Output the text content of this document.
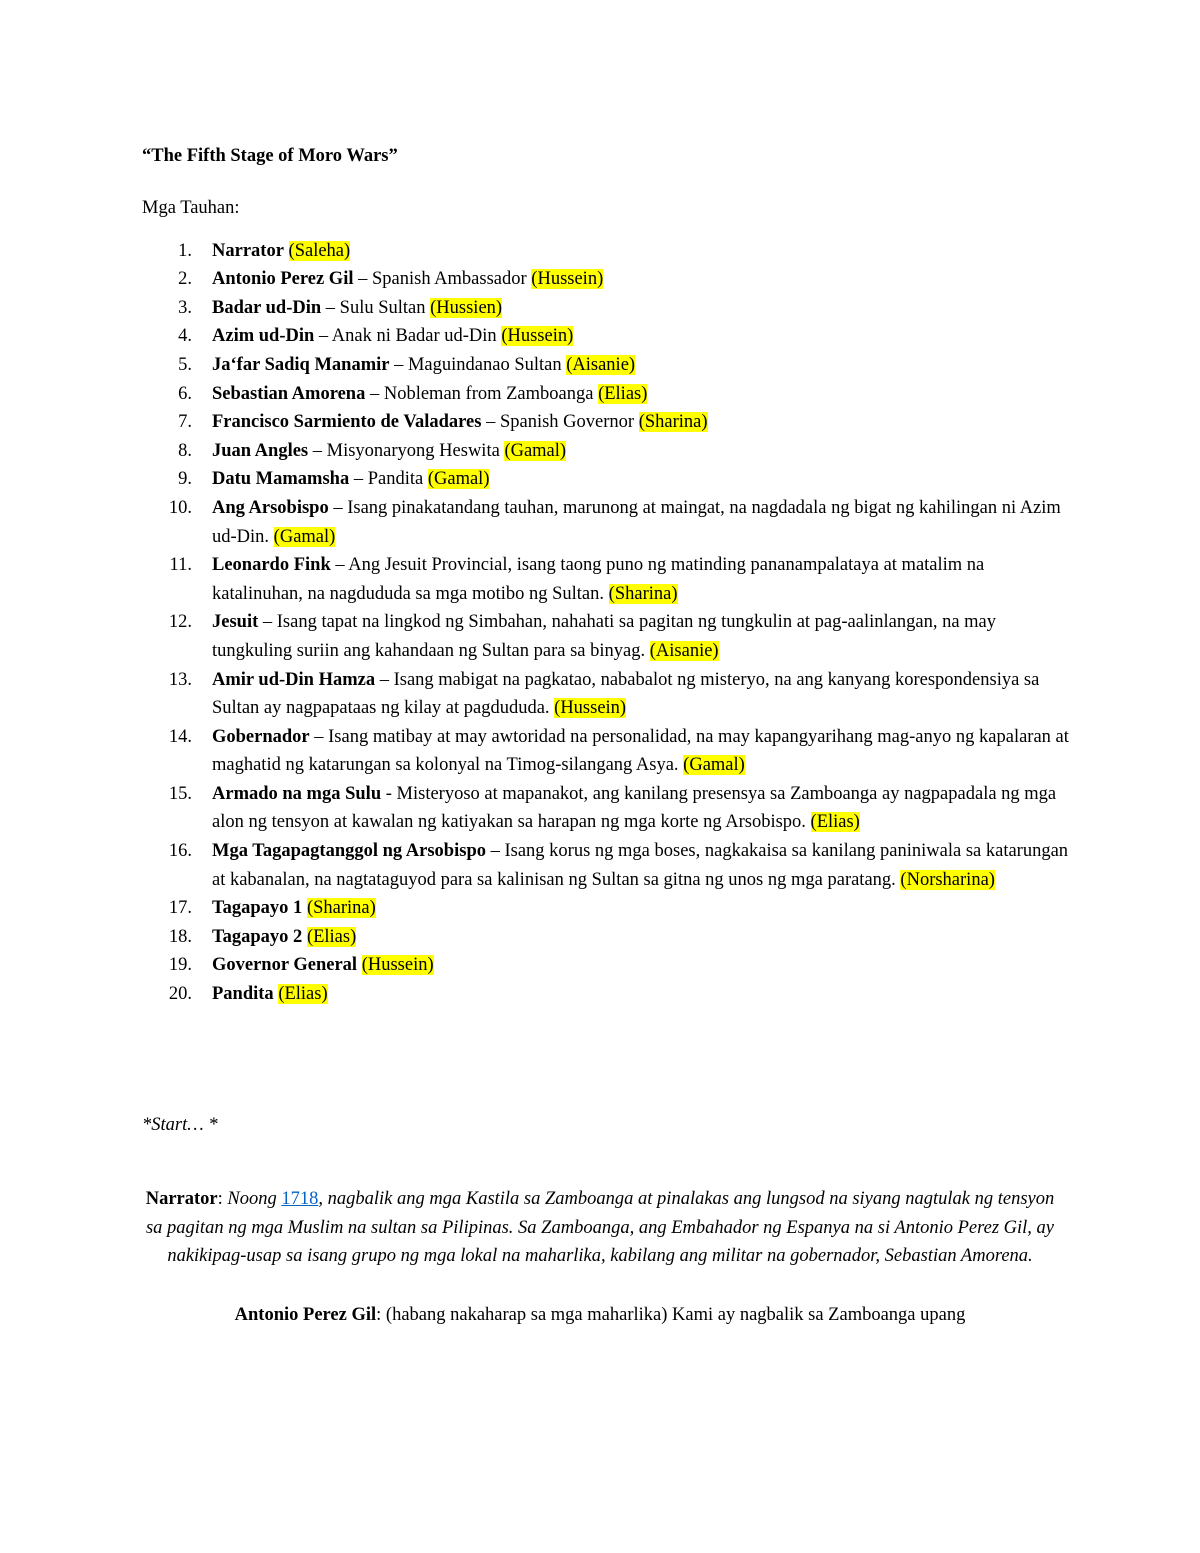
“The Fifth Stage of Moro Wars”

Mga Tauhan:

1. Narrator (Saleha)
2. Antonio Perez Gil – Spanish Ambassador (Hussein)
3. Badar ud-Din – Sulu Sultan (Hussien)
4. Azim ud-Din – Anak ni Badar ud-Din (Hussein)
5. Ja‘far Sadiq Manamir – Maguindanao Sultan (Aisanie)
6. Sebastian Amorena – Nobleman from Zamboanga (Elias)
7. Francisco Sarmiento de Valadares – Spanish Governor (Sharina)
8. Juan Angles – Misyonaryong Heswita (Gamal)
9. Datu Mamamsha – Pandita (Gamal)
10. Ang Arsobispo – Isang pinakatandang tauhan, marunong at maingat, na nagdadala ng bigat ng kahilingan ni Azim ud-Din. (Gamal)
11. Leonardo Fink – Ang Jesuit Provincial, isang taong puno ng matinding pananampalataya at matalim na katalinuhan, na nagdududa sa mga motibo ng Sultan. (Sharina)
12. Jesuit – Isang tapat na lingkod ng Simbahan, nahahati sa pagitan ng tungkulin at pag-aalinlangan, na may tungkuling suriin ang kahandaan ng Sultan para sa binyag. (Aisanie)
13. Amir ud-Din Hamza – Isang mabigat na pagkatao, nababalot ng misteryo, na ang kanyang korespondensiya sa Sultan ay nagpapataas ng kilay at pagdududa. (Hussein)
14. Gobernador – Isang matibay at may awtoridad na personalidad, na may kapangyarihang mag-anyo ng kapalaran at maghatid ng katarungan sa kolonyal na Timog-silangang Asya. (Gamal)
15. Armado na mga Sulu - Misteryoso at mapanakot, ang kanilang presensya sa Zamboanga ay nagpapadala ng mga alon ng tensyon at kawalan ng katiyakan sa harapan ng mga korte ng Arsobispo. (Elias)
16. Mga Tagapagtanggol ng Arsobispo – Isang korus ng mga boses, nagkakaisa sa kanilang paniniwala sa katarungan at kabanalan, na nagtataguyod para sa kalinisan ng Sultan sa gitna ng unos ng mga paratang. (Norsharina)
17. Tagapayo 1 (Sharina)
18. Tagapayo 2 (Elias)
19. Governor General (Hussein)
20. Pandita (Elias)

*Start… *

Narrator: Noong 1718, nagbalik ang mga Kastila sa Zamboanga at pinalakas ang lungsod na siyang nagtulak ng tensyon sa pagitan ng mga Muslim na sultan sa Pilipinas. Sa Zamboanga, ang Embahador ng Espanya na si Antonio Perez Gil, ay nakikipag-usap sa isang grupo ng mga lokal na maharlika, kabilang ang militar na gobernador, Sebastian Amorena.

Antonio Perez Gil: (habang nakaharap sa mga maharlika) Kami ay nagbalik sa Zamboanga upang
